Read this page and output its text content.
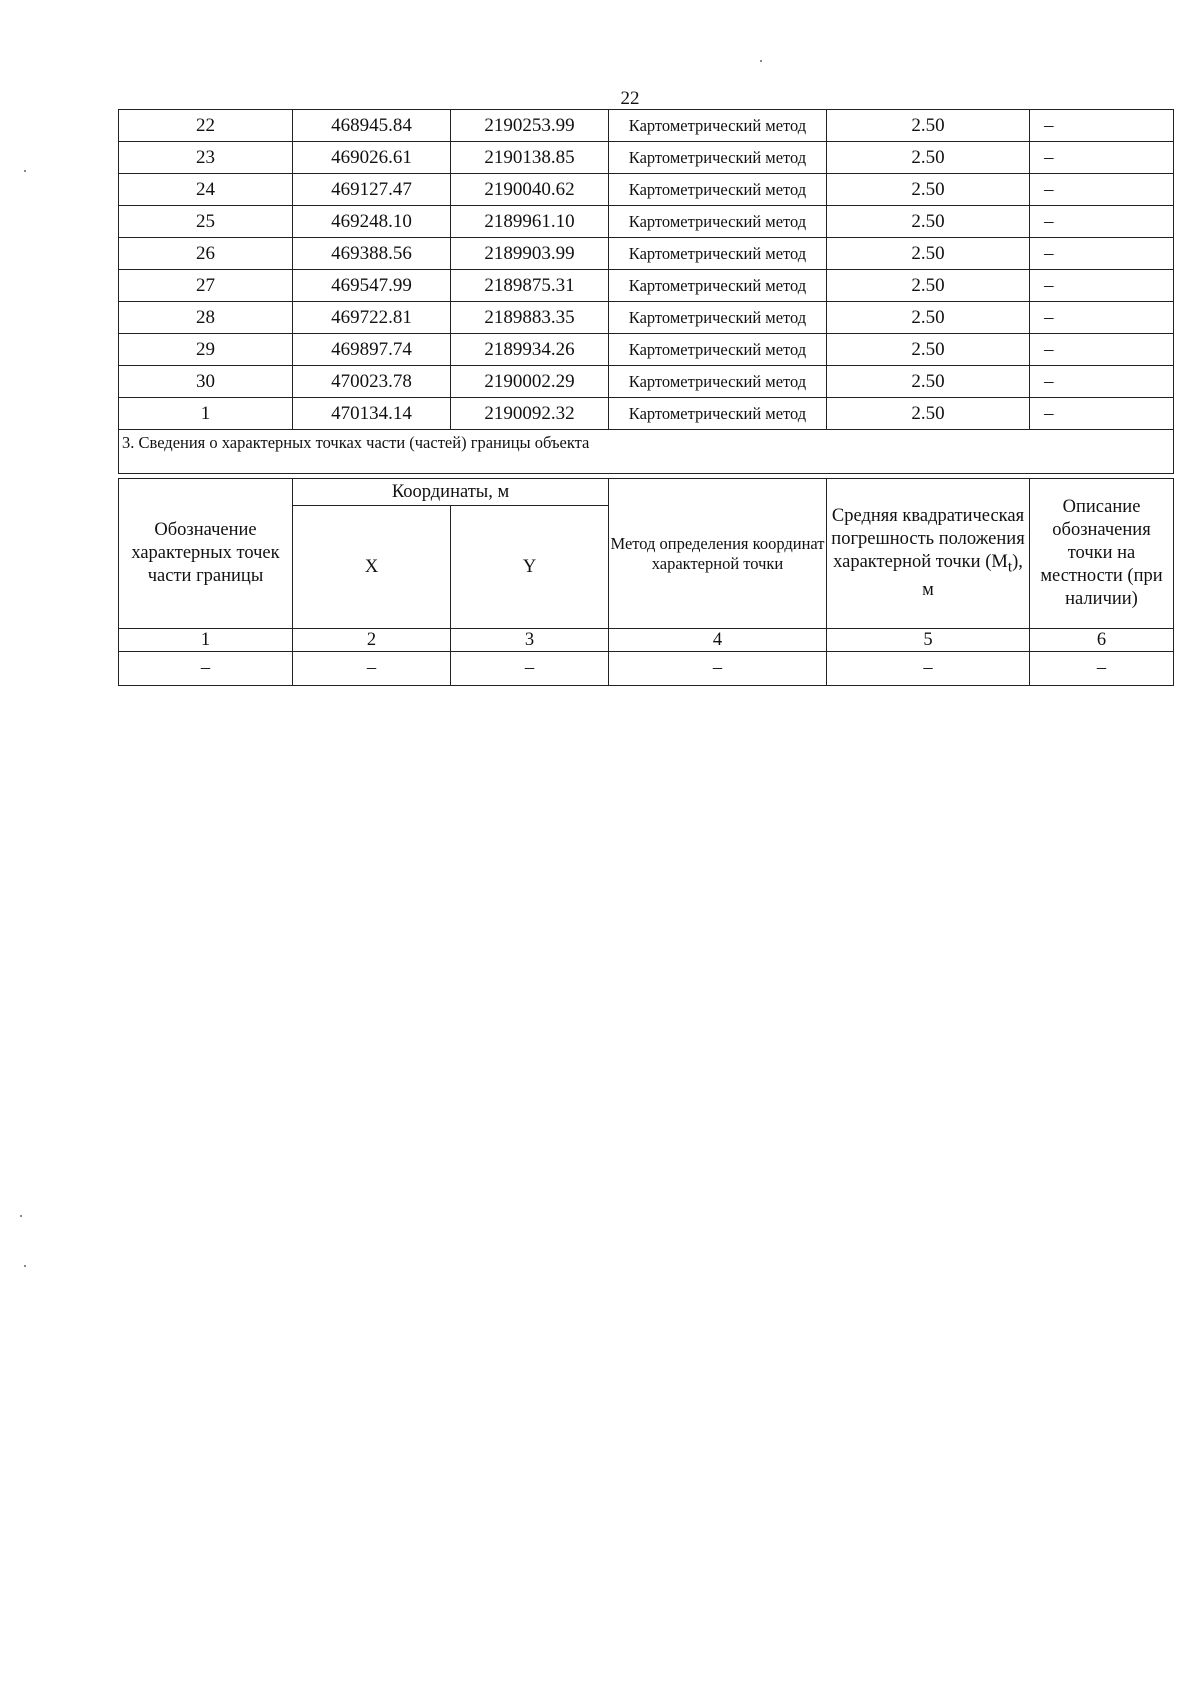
22
22	468945.84	2190253.99	Картометрический метод	2.50	–
23	469026.61	2190138.85	Картометрический метод	2.50	–
24	469127.47	2190040.62	Картометрический метод	2.50	–
25	469248.10	2189961.10	Картометрический метод	2.50	–
26	469388.56	2189903.99	Картометрический метод	2.50	–
27	469547.99	2189875.31	Картометрический метод	2.50	–
28	469722.81	2189883.35	Картометрический метод	2.50	–
29	469897.74	2189934.26	Картометрический метод	2.50	–
30	470023.78	2190002.29	Картометрический метод	2.50	–
1	470134.14	2190092.32	Картометрический метод	2.50	–
3. Сведения о характерных точках части (частей) границы объекта					
Обозначение характерных точек части границы	Координаты, м		Метод определения координат характерной точки	Средняя квадратическая погрешность положения характерной точки $(M_t)$, м	Описание обозначения точки на местности (при наличии)
	X	Y			
1	2	3	4	5	6
–	–	–	–	–	–
